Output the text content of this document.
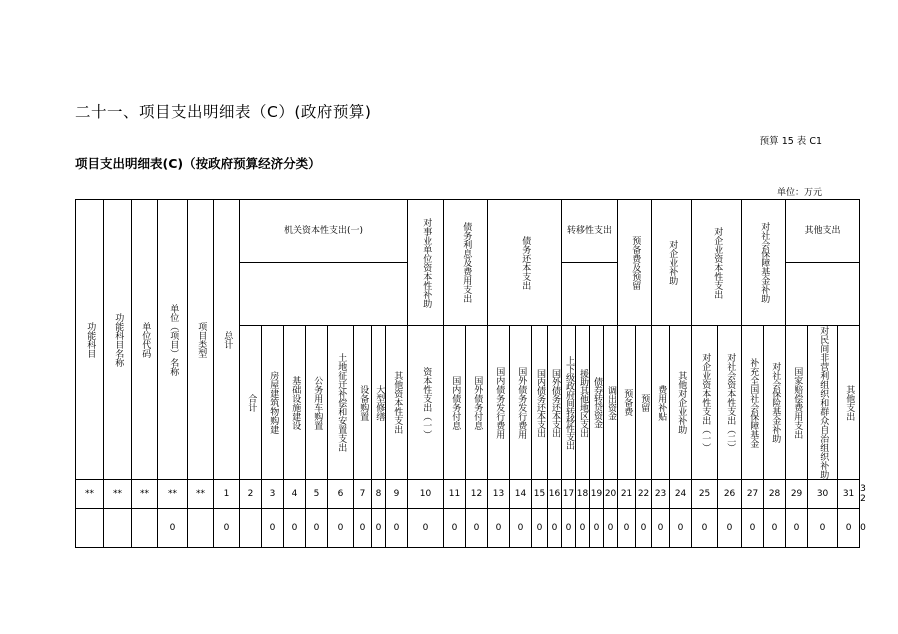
二十一、项目支出明细表（C）(政府预算)
预算 15 表 C1
项目支出明细表(C)（按政府预算经济分类）
单位：万元
功能科目	功能科目名称	单位代码	单位（项目）名称	项目类型	总计	机关资本性支出(一)								对事业单位资本性补助	债务利息及费用支出		债务还本支出				转移性支出				预备费及预留		对企业补助		对企业资本性支出		对社会保障基金补助		其他支出			

						合计	房屋建筑物购建	基础设施建设	公务用车购置	土地征迁补偿和安置支出	设备购置	大型修缮	其他资本性支出	资本性支出（一）	国内债务付息	国外债务付息	国内债务发行费用	国外债务发行费用	国内债务还本支出	国外债务还本支出	上下级政府间转移性支出	援助其他地区支出	债券转贷资金	调出资金	预备费	预留	费用补贴	其他对企业补助	对企业资本性支出（一）	对社会资本性支出（二）	补充全国社会保障基金	对社会保险基金补助	国家赔偿费用支出	对民间非营利组织和群众自治组织补助	其他支出	

**	**	**	**	**	1	2	3	4	5	6	7	8	9	10	11	12	13	14	15	16	17	18	19	20	21	22	23	24	25	26	27	28	29	30	31	32
			0		0		0	0	0	0	0	0	0	0	0	0	0	0	0	0	0	0	0	0	0	0	0	0	0	0	0	0	0	0	0	0
